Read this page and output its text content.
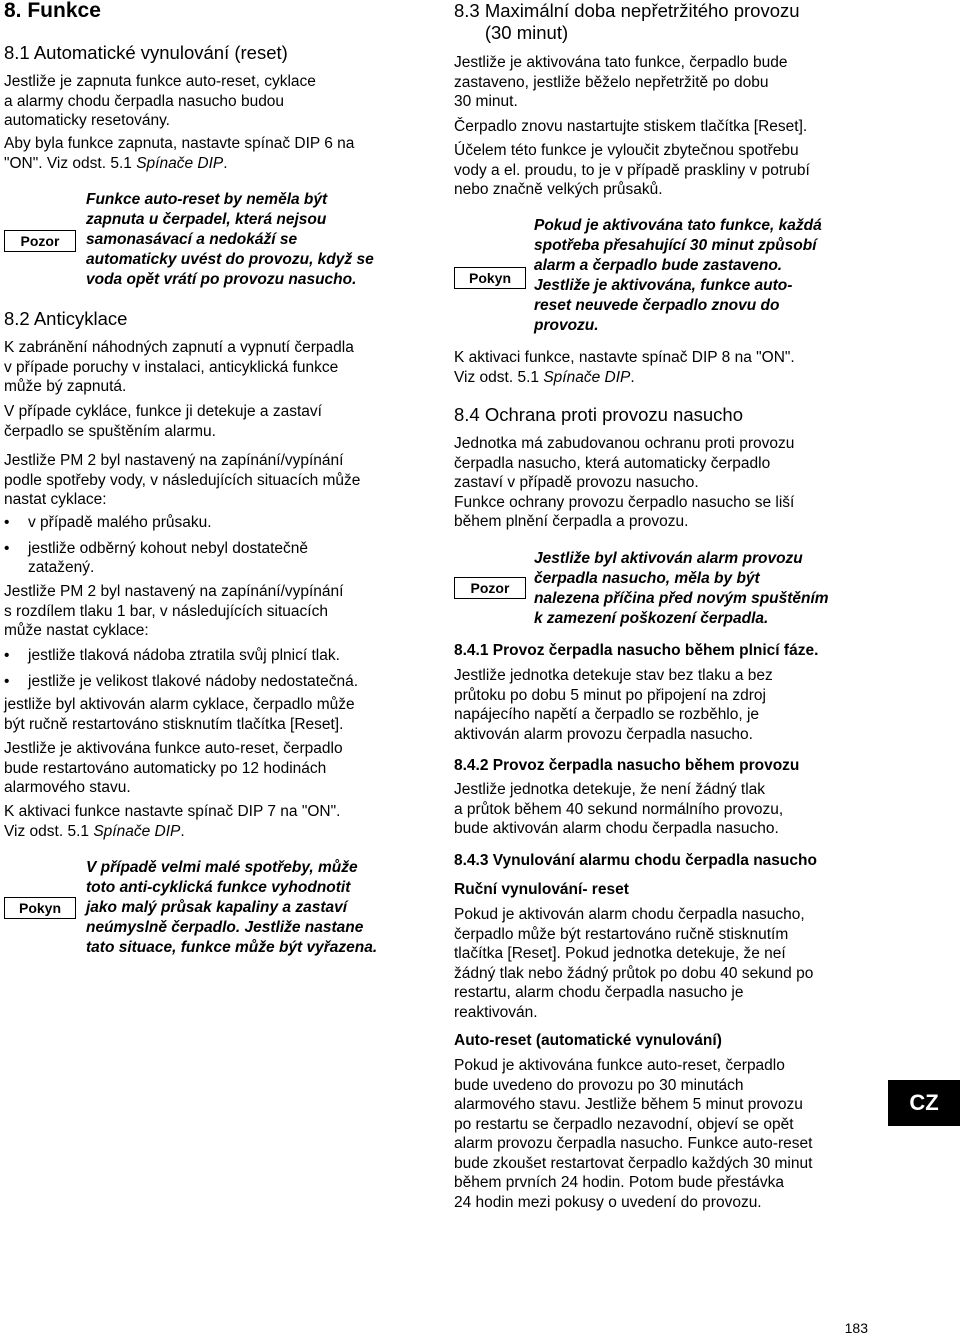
8. Funkce
8.1 Automatické vynulování (reset)
Jestliže je zapnuta funkce auto-reset, cyklace
a alarmy chodu čerpadla nasucho budou
automaticky resetovány.
Aby byla funkce zapnuta, nastavte spínač DIP 6 na
"ON". Viz odst. 5.1 Spínače DIP.
Pozor
Funkce auto-reset by neměla být
zapnuta u čerpadel, která nejsou
samonasávací a nedokáží se
automaticky uvést do provozu, když se
voda opět vrátí po provozu nasucho.
8.2 Anticyklace
K zabránění náhodných zapnutí a vypnutí čerpadla
v případe poruchy v instalaci, anticyklická funkce
může bý zapnutá.
V případe cykláce, funkce ji detekuje a zastaví
čerpadlo se spuštěním alarmu.
Jestliže PM 2 byl nastavený na zapínání/vypínání
podle spotřeby vody, v následujících situacích může
nastat cyklace:
• v případě malého průsaku.
• jestliže odběrný kohout nebyl dostatečně
zatažený.
Jestliže PM 2 byl nastavený na zapínání/vypínání
s rozdílem tlaku 1 bar, v následujících situacích
může nastat cyklace:
• jestliže tlaková nádoba ztratila svůj plnicí tlak.
• jestliže je velikost tlakové nádoby nedostatečná.
jestliže byl aktivován alarm cyklace, čerpadlo může
být ručně restartováno stisknutím tlačítka [Reset].
Jestliže je aktivována funkce auto-reset, čerpadlo
bude restartováno automaticky po 12 hodinách
alarmového stavu.
K aktivaci funkce nastavte spínač DIP 7 na "ON".
Viz odst. 5.1 Spínače DIP.
Pokyn
V případě velmi malé spotřeby, může
toto anti-cyklická funkce vyhodnotit
jako malý průsak kapaliny a zastaví
neúmyslně čerpadlo. Jestliže nastane
tato situace, funkce může být vyřazena.
8.3 Maximální doba nepřetržitého provozu
(30 minut)
Jestliže je aktivována tato funkce, čerpadlo bude
zastaveno, jestliže běželo nepřetržitě po dobu
30 minut.
Čerpadlo znovu nastartujte stiskem tlačítka [Reset].
Účelem této funkce je vyloučit zbytečnou spotřebu
vody a el. proudu, to je v případě praskliny v potrubí
nebo značně velkých průsaků.
Pokyn
Pokud je aktivována tato funkce, každá
spotřeba přesahující 30 minut způsobí
alarm a čerpadlo bude zastaveno.
Jestliže je aktivována, funkce auto-
reset neuvede čerpadlo znovu do
provozu.
K aktivaci funkce, nastavte spínač DIP 8 na "ON".
Viz odst. 5.1 Spínače DIP.
8.4 Ochrana proti provozu nasucho
Jednotka má zabudovanou ochranu proti provozu
čerpadla nasucho, která automaticky čerpadlo
zastaví v případě provozu nasucho.
Funkce ochrany provozu čerpadlo nasucho se liší
během plnění čerpadla a provozu.
Pozor
Jestliže byl aktivován alarm provozu
čerpadla nasucho, měla by být
nalezena příčina před novým spuštěním
k zamezení poškození čerpadla.
8.4.1 Provoz čerpadla nasucho během plnicí fáze.
Jestliže jednotka detekuje stav bez tlaku a bez
průtoku po dobu 5 minut po připojení na zdroj
napájecího napětí a čerpadlo se rozběhlo, je
aktivován alarm provozu čerpadla nasucho.
8.4.2 Provoz čerpadla nasucho během provozu
Jestliže jednotka detekuje, že není žádný tlak
a průtok během 40 sekund normálního provozu,
bude aktivován alarm chodu čerpadla nasucho.
8.4.3 Vynulování alarmu chodu čerpadla nasucho
Ruční vynulování- reset
Pokud je aktivován alarm chodu čerpadla nasucho,
čerpadlo může být restartováno ručně stisknutím
tlačítka [Reset]. Pokud jednotka detekuje, že neí
žádný tlak nebo žádný průtok po dobu 40 sekund po
restartu, alarm chodu čerpadla nasucho je
reaktivován.
Auto-reset (automatické vynulování)
Pokud je aktivována funkce auto-reset, čerpadlo
bude uvedeno do provozu po 30 minutách
alarmového stavu. Jestliže během 5 minut provozu
po restartu se čerpadlo nezavodní, objeví se opět
alarm provozu čerpadla nasucho. Funkce auto-reset
bude zkoušet restartovat čerpadlo každých 30 minut
během prvních 24 hodin. Potom bude přestávka
24 hodin mezi pokusy o uvedení do provozu.
CZ
183
